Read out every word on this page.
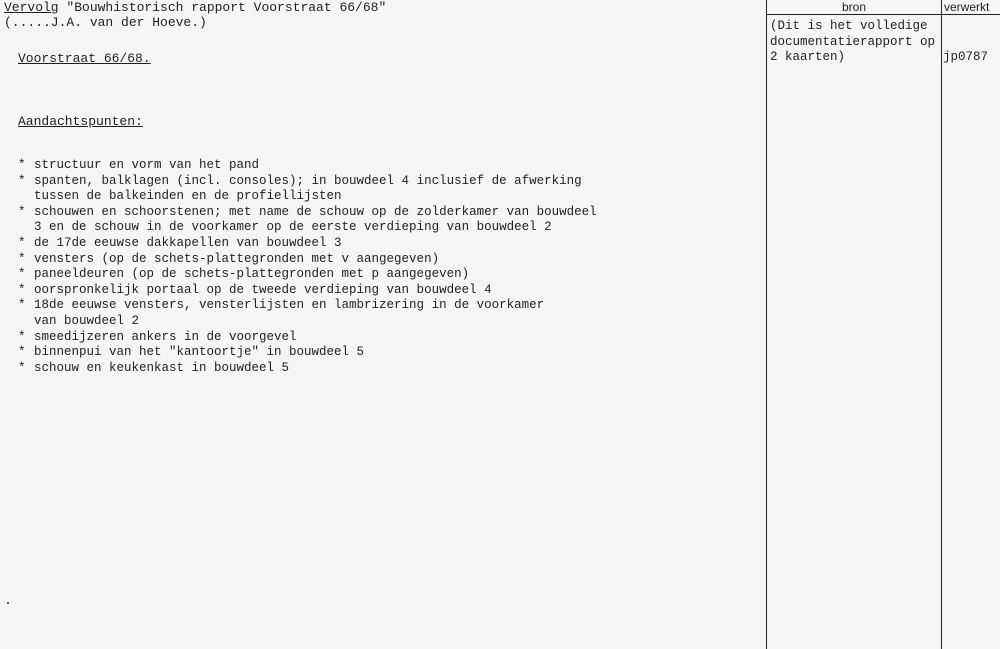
Vervolg "Bouwhistorisch rapport Voorstraat 66/68"
(.....J.A. van der Hoeve.)
Voorstraat 66/68.
Aandachtspunten:
* structuur en vorm van het pand
* spanten, balklagen (incl. consoles); in bouwdeel 4 inclusief de afwerking
tussen de balkeinden en de profiellijsten
* schouwen en schoorstenen; met name de schouw op de zolderkamer van bouwdeel
3 en de schouw in de voorkamer op de eerste verdieping van bouwdeel 2
* de 17de eeuwse dakkapellen van bouwdeel 3
* vensters (op de schets-plattegronden met v aangegeven)
* paneeldeuren (op de schets-plattegronden met p aangegeven)
* oorspronkelijk portaal op de tweede verdieping van bouwdeel 4
* 18de eeuwse vensters, vensterlijsten en lambrizering in de voorkamer
van bouwdeel 2
* smeedijzeren ankers in de voorgevel
* binnenpui van het "kantoortje" in bouwdeel 5
* schouw en keukenkast in bouwdeel 5
bron	verwerkt
(Dit is het volledige
documentatierapport op
2 kaarten)	jp0787
